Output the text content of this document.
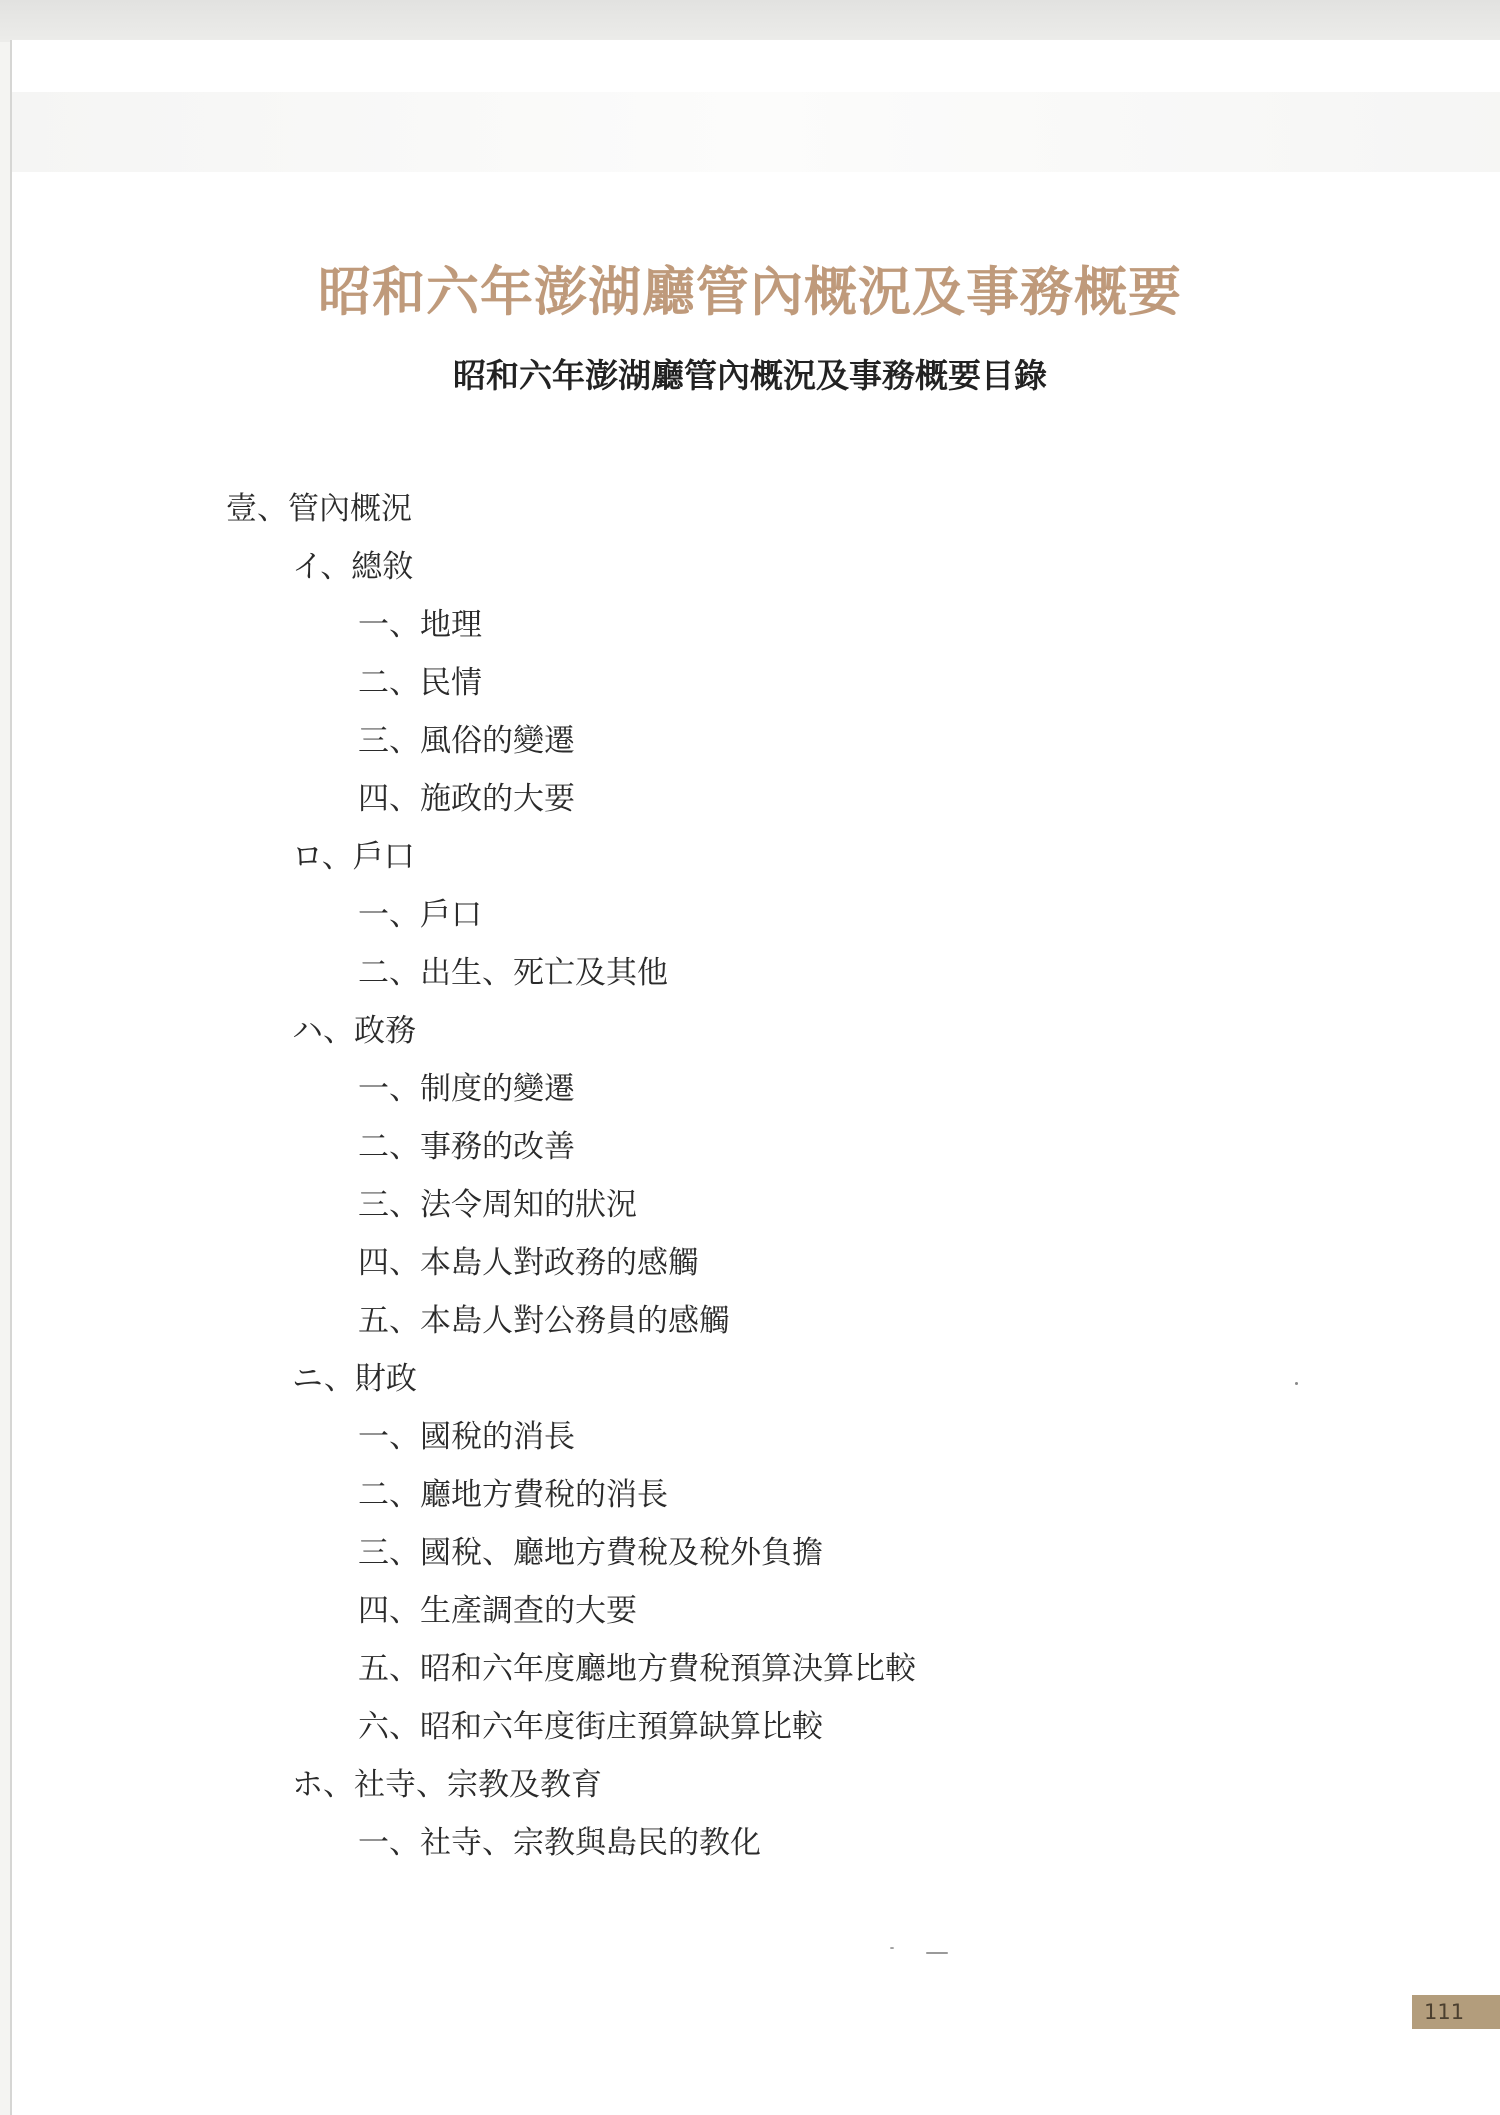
昭和六年澎湖廳管內概況及事務概要
昭和六年澎湖廳管內概況及事務概要目錄
壹、管內概況
イ、總敘
一、地理
二、民情
三、風俗的變遷
四、施政的大要
ロ、戶口
一、戶口
二、出生、死亡及其他
ハ、政務
一、制度的變遷
二、事務的改善
三、法令周知的狀況
四、本島人對政務的感觸
五、本島人對公務員的感觸
ニ、財政
一、國稅的消長
二、廳地方費稅的消長
三、國稅、廳地方費稅及稅外負擔
四、生產調查的大要
五、昭和六年度廳地方費稅預算決算比較
六、昭和六年度街庄預算缺算比較
ホ、社寺、宗教及教育
一、社寺、宗教與島民的教化
111
